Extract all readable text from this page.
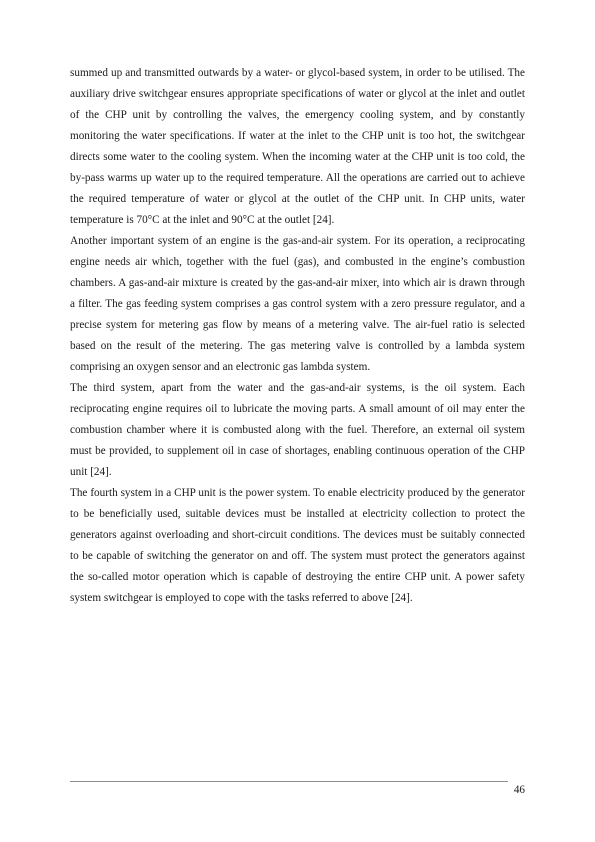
summed up and transmitted outwards by a water- or glycol-based system, in order to be utilised. The auxiliary drive switchgear ensures appropriate specifications of water or glycol at the inlet and outlet of the CHP unit by controlling the valves, the emergency cooling system, and by constantly monitoring the water specifications. If water at the inlet to the CHP unit is too hot, the switchgear directs some water to the cooling system. When the incoming water at the CHP unit is too cold, the by-pass warms up water up to the required temperature. All the operations are carried out to achieve the required temperature of water or glycol at the outlet of the CHP unit. In CHP units, water temperature is 70°C at the inlet and 90°C at the outlet [24].

Another important system of an engine is the gas-and-air system. For its operation, a reciprocating engine needs air which, together with the fuel (gas), and combusted in the engine’s combustion chambers. A gas-and-air mixture is created by the gas-and-air mixer, into which air is drawn through a filter. The gas feeding system comprises a gas control system with a zero pressure regulator, and a precise system for metering gas flow by means of a metering valve. The air-fuel ratio is selected based on the result of the metering. The gas metering valve is controlled by a lambda system comprising an oxygen sensor and an electronic gas lambda system.

The third system, apart from the water and the gas-and-air systems, is the oil system. Each reciprocating engine requires oil to lubricate the moving parts. A small amount of oil may enter the combustion chamber where it is combusted along with the fuel. Therefore, an external oil system must be provided, to supplement oil in case of shortages, enabling continuous operation of the CHP unit [24].

The fourth system in a CHP unit is the power system. To enable electricity produced by the generator to be beneficially used, suitable devices must be installed at electricity collection to protect the generators against overloading and short-circuit conditions. The devices must be suitably connected to be capable of switching the generator on and off. The system must protect the generators against the so-called motor operation which is capable of destroying the entire CHP unit. A power safety system switchgear is employed to cope with the tasks referred to above [24].

46
